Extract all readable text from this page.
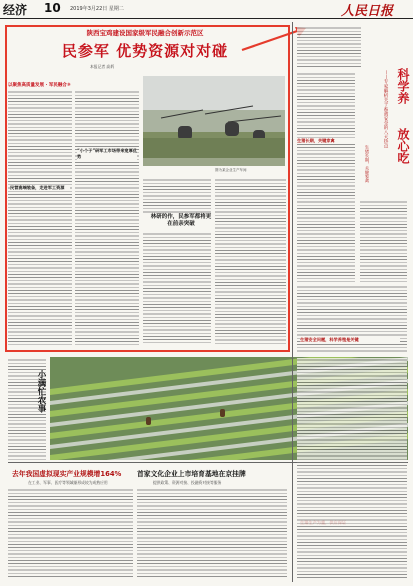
经济 10 2019年3月22日 星期二	人民日报
陕西宝鸡建设国家级军民融合创新示范区
民参军 优势资源对对碰
本报记者 高炳
以聚焦高质量发展 · 军民融合⑨
民营高端装备，走进军工资源
“小个子”研军工市场带来宽厚优势
图为某企业生产车间
林研的作，民参军都将更在前亲突破
科学养

放心吃
——专家解析关于畜禽安全的八大热点
生猪长期，关键家禽
生猪长期，关键家禽
生猪安全问题，科学养殖是关键
小满忙农事
去年我国虚拟现实产业规模增164%
在工业、军事、医疗等领域渐形成较为成熟应用
首家文化企业上市培育基地在京挂牌
提供政策、资源对接、投融资对接等服务
